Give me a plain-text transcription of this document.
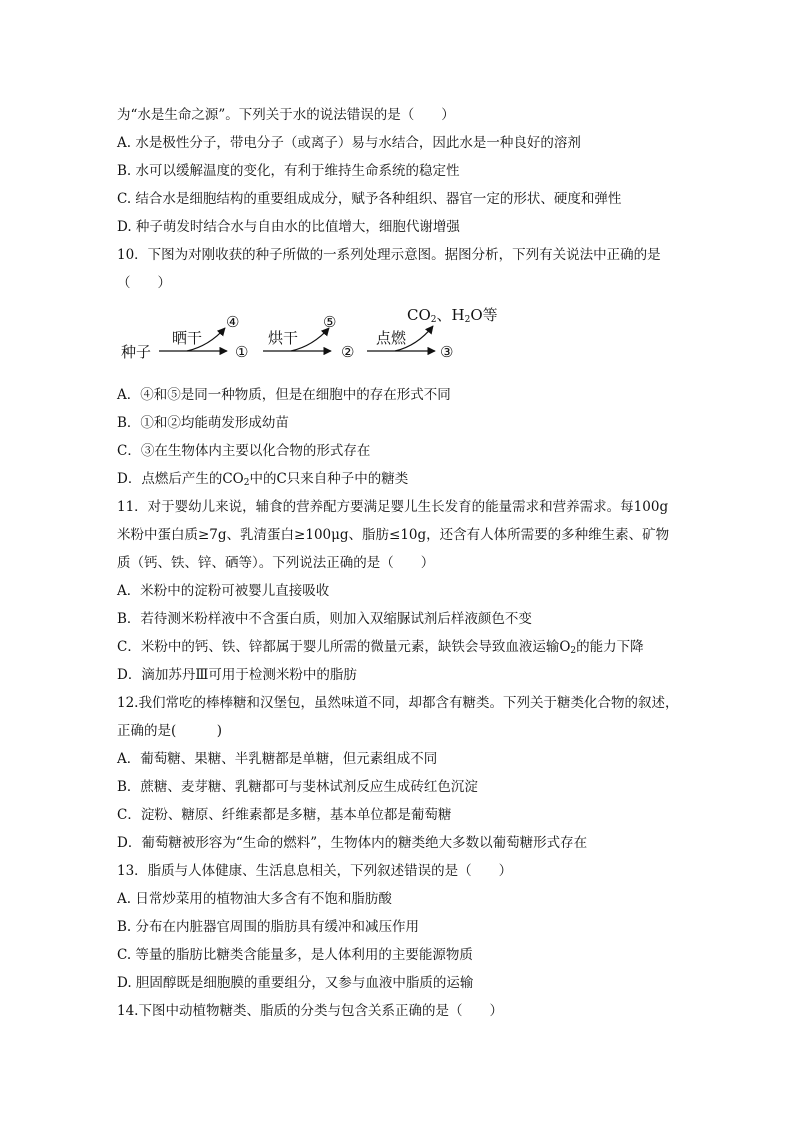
为“水是生命之源”。下列关于水的说法错误的是（　　）
A. 水是极性分子，带电分子（或离子）易与水结合，因此水是一种良好的溶剂
B. 水可以缓解温度的变化，有利于维持生命系统的稳定性
C. 结合水是细胞结构的重要组成成分，赋予各种组织、器官一定的形状、硬度和弹性
D. 种子萌发时结合水与自由水的比值增大，细胞代谢增强
10．下图为对刚收获的种子所做的一系列处理示意图。据图分析，下列有关说法中正确的是
（　　）
种子
晒干
①
④
烘干
②
⑤
点燃
③
$CO_2$、$H_2O$等
A．④和⑤是同一种物质，但是在细胞中的存在形式不同
B．①和②均能萌发形成幼苗
C．③在生物体内主要以化合物的形式存在
D．点燃后产生的$CO_2$中的C只来自种子中的糖类
11．对于婴幼儿来说，辅食的营养配方要满足婴儿生长发育的能量需求和营养需求。每100g
米粉中蛋白质≥7g、乳清蛋白≥100μg、脂肪≤10g，还含有人体所需要的多种维生素、矿物
质（钙、铁、锌、硒等）。下列说法正确的是（　　）
A．米粉中的淀粉可被婴儿直接吸收
B．若待测米粉样液中不含蛋白质，则加入双缩脲试剂后样液颜色不变
C．米粉中的钙、铁、锌都属于婴儿所需的微量元素，缺铁会导致血液运输$O_2$的能力下降
D．滴加苏丹Ⅲ可用于检测米粉中的脂肪
12.我们常吃的棒棒糖和汉堡包，虽然味道不同，却都含有糖类。下列关于糖类化合物的叙述，
正确的是(　　　)
A．葡萄糖、果糖、半乳糖都是单糖，但元素组成不同
B．蔗糖、麦芽糖、乳糖都可与斐林试剂反应生成砖红色沉淀
C．淀粉、糖原、纤维素都是多糖，基本单位都是葡萄糖
D．葡萄糖被形容为“生命的燃料”，生物体内的糖类绝大多数以葡萄糖形式存在
13．脂质与人体健康、生活息息相关，下列叙述错误的是（　　）
A. 日常炒菜用的植物油大多含有不饱和脂肪酸
B. 分布在内脏器官周围的脂肪具有缓冲和减压作用
C. 等量的脂肪比糖类含能量多，是人体利用的主要能源物质
D. 胆固醇既是细胞膜的重要组分，又参与血液中脂质的运输
14.下图中动植物糖类、脂质的分类与包含关系正确的是（　　）
